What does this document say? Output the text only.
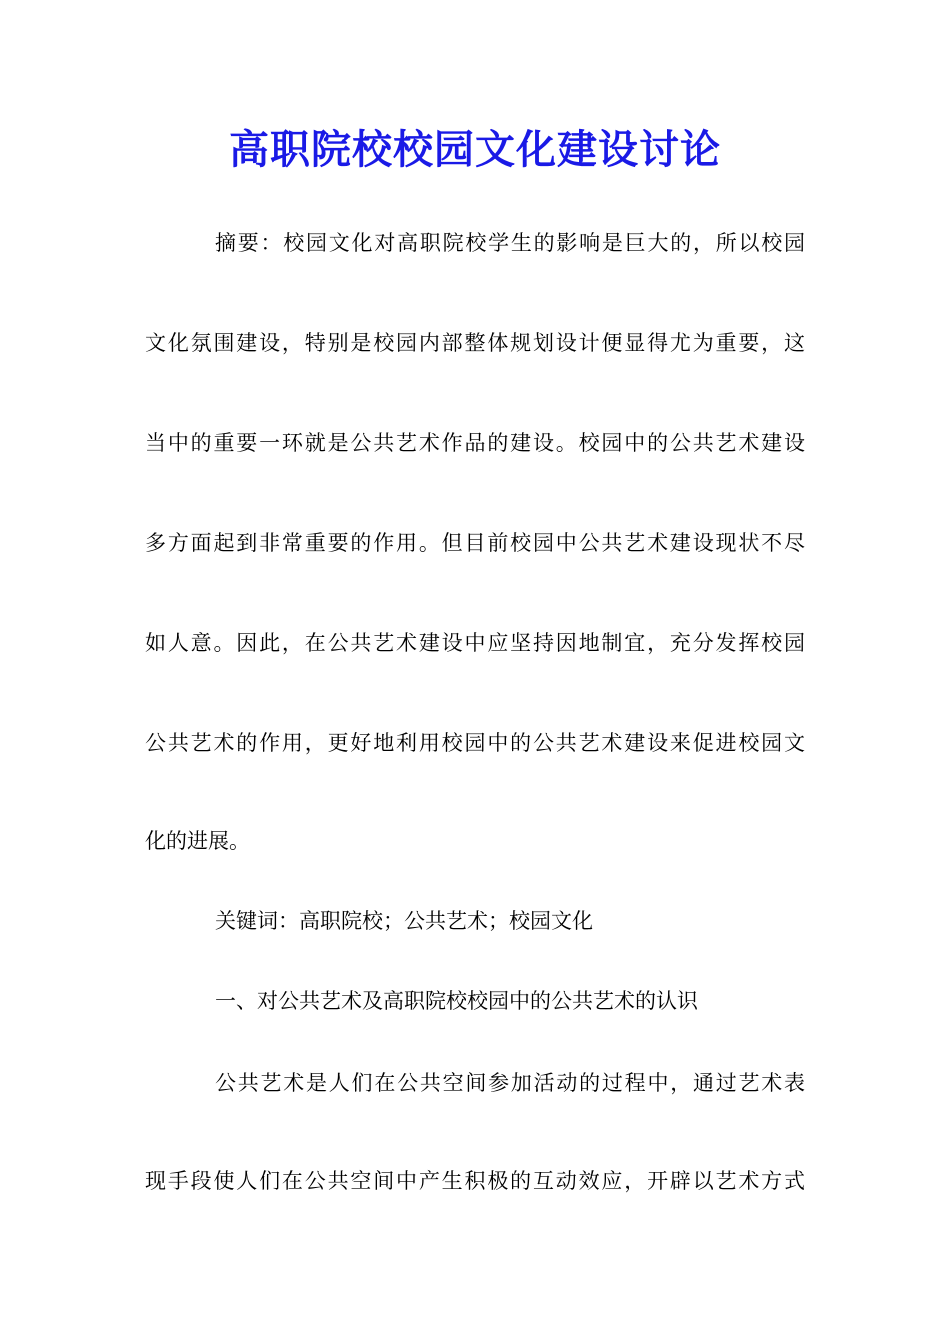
高职院校校园文化建设讨论

摘要：校园文化对高职院校学生的影响是巨大的，所以校园

文化氛围建设，特别是校园内部整体规划设计便显得尤为重要，这

当中的重要一环就是公共艺术作品的建设。校园中的公共艺术建设

多方面起到非常重要的作用。但目前校园中公共艺术建设现状不尽

如人意。因此，在公共艺术建设中应坚持因地制宜，充分发挥校园

公共艺术的作用，更好地利用校园中的公共艺术建设来促进校园文

化的进展。

关键词：高职院校；公共艺术；校园文化

一、对公共艺术及高职院校校园中的公共艺术的认识

公共艺术是人们在公共空间参加活动的过程中，通过艺术表

现手段使人们在公共空间中产生积极的互动效应，开辟以艺术方式
